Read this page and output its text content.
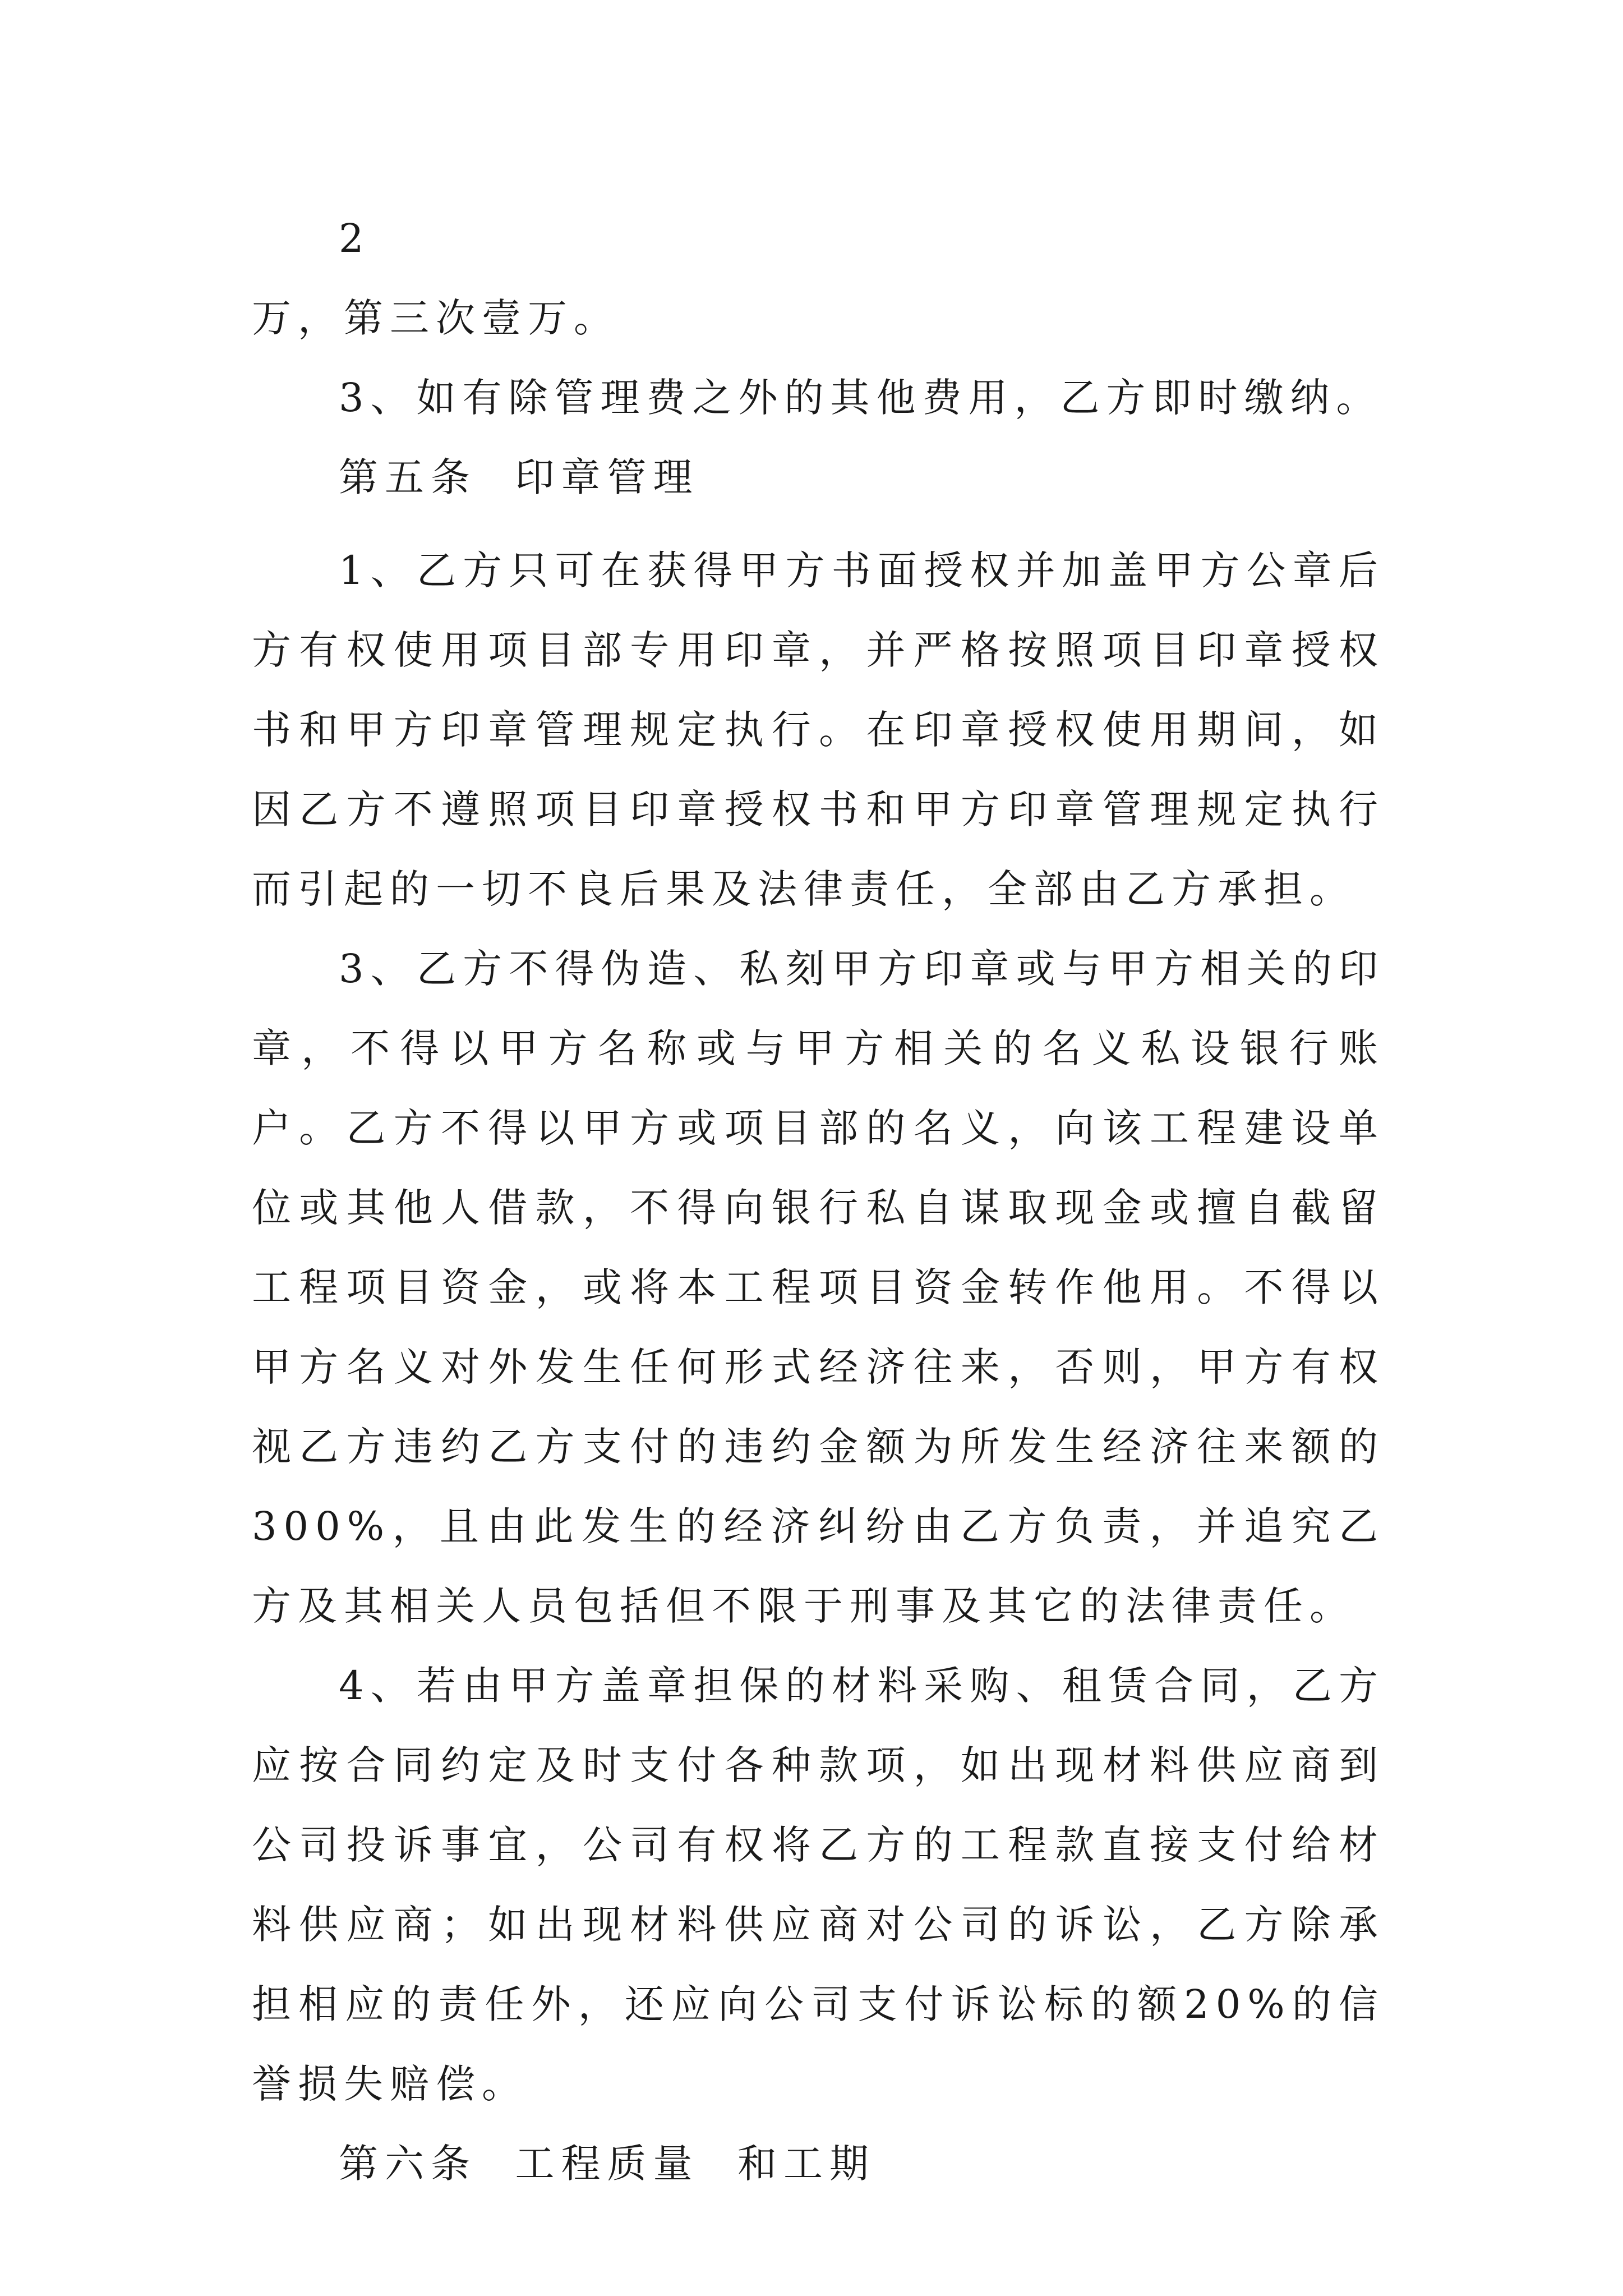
2

万，第三次壹万。

3、如有除管理费之外的其他费用，乙方即时缴纳。

第五条  印章管理

1、乙方只可在获得甲方书面授权并加盖甲方公章后方有权使用项目部专用印章，并严格按照项目印章授权书和甲方印章管理规定执行。在印章授权使用期间，如因乙方不遵照项目印章授权书和甲方印章管理规定执行而引起的一切不良后果及法律责任，全部由乙方承担。

3、乙方不得伪造、私刻甲方印章或与甲方相关的印章，不得以甲方名称或与甲方相关的名义私设银行账户。乙方不得以甲方或项目部的名义，向该工程建设单位或其他人借款，不得向银行私自谋取现金或擅自截留工程项目资金，或将本工程项目资金转作他用。不得以甲方名义对外发生任何形式经济往来，否则，甲方有权视乙方违约乙方支付的违约金额为所发生经济往来额的300%，且由此发生的经济纠纷由乙方负责，并追究乙方及其相关人员包括但不限于刑事及其它的法律责任。

4、若由甲方盖章担保的材料采购、租赁合同，乙方应按合同约定及时支付各种款项，如出现材料供应商到公司投诉事宜，公司有权将乙方的工程款直接支付给材料供应商；如出现材料供应商对公司的诉讼，乙方除承担相应的责任外，还应向公司支付诉讼标的额20%的信誉损失赔偿。

第六条  工程质量  和工期
